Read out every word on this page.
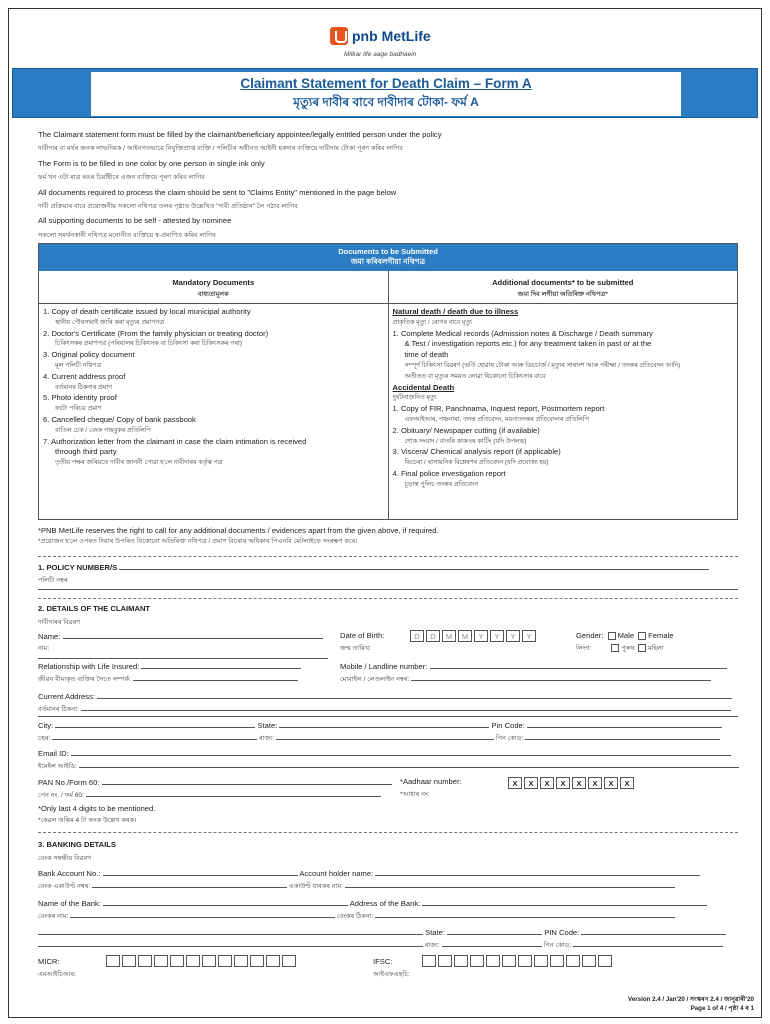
pnb MetLife
Milkar life aage badhaein
Claimant Statement for Death Claim – Form A
মৃত্যুৰ দাবীৰ বাবে দাবীদাৰ টোকা- ফৰ্ম A
The Claimant statement form must be filled by the claimant/beneficiary appointee/legally entitled person under the policy
দাবীদাৰ বা মৰ্থৰ জনক লাভদিয়ক / আইনগতভাৱে নিযুক্তিপ্ৰাপ্ত ব্যক্তি / পলিচীৰ অধীনত আইনী হকদাৰ ব্যক্তিয়ে দাবীদাৰ টোকা পূৰণ কৰিব লাগিব
The Form is to be filled in one color by one person in single ink only
ফৰ্ম খন এটা মাত্ৰ ৰঙৰ চিয়াঁহীৰে এজন ব্যক্তিয়ে পূৰণ কৰিব লাগিব
All documents required to process the claim should be sent to "Claims Entity" mentioned in the page below
দাবী প্ৰক্ৰিয়াৰ বাবে প্ৰয়োজনীয় সকলো নথিপত্ৰ তলৰ পৃষ্ঠাত উল্লেখিত "দাবী প্ৰতিষ্ঠান" লৈ পঠাব লাগিব
All supporting documents to be self - attested by nominee
সকলো সমৰ্থনকাৰী নথিপত্ৰ মনোনীত ব্যক্তিয়ে স্ব-প্ৰমাণিত কৰিব লাগিব
Documents to be Submitted
জমা কৰিবলগীয়া নথিপত্ৰ
Mandatory Documents
বাধ্যতামূলক
Additional documents* to be submitted
জমা দিব লগীয়া অতিৰিক্ত নথিপত্ৰ*
1. Copy of death certificate issued by local municipal authority
স্থানীয় পৌৰসভাই জাৰি কৰা মৃত্যুৰ প্ৰমাণপত্ৰ
2. Doctor's Certificate (From the family physician or treating doctor)
চিকিৎসকৰ প্ৰমাণপত্ৰ (পৰিয়ালৰ চিকিৎসক বা চিকিৎসা কৰা চিকিৎসকৰ পৰা)
3. Original policy document
মূল পলিচী নথিপত্ৰ
4. Current address proof
বৰ্তমানৰ ঠিকনাৰ প্ৰমাণ
5. Photo identity proof
ফটো পৰিচয় প্ৰমাণ
6. Cancelled cheque/ Copy of bank passbook
বাতিল চেক / বেংক পাছবুকৰ প্ৰতিলিপি
7. Authorization letter from the claimant in case the claim intimation is received
through third party
তৃতীয় পক্ষৰ জৰিয়তে দাবীৰ জাননী পোৱা হ'লে দাবীদাৰৰ কৰ্তৃত্ব পত্ৰ
Natural death / death due to illness
প্ৰাকৃতিক মৃত্যু / ৰোগৰ বাবে মৃত্যু
1. Complete Medical records (Admission notes & Discharge / Death summary
& Test / investigation reports etc.) for any treatment taken in past or at the
time of death
সম্পূৰ্ণ চিকিৎসা বিৱৰণ (ভৰ্তি হোৱাৰ টোকা আৰু ডিচচাৰ্জ / মৃত্যুৰ সাৰাংশ আৰু পৰীক্ষা / তদন্তৰ প্ৰতিবেদন আদি)
অতীতত বা মৃত্যুৰ সময়ত লোৱা যিকোনো চিকিৎসাৰ বাবে
Accidental Death
দুৰ্ঘটনাজনিত মৃত্যু
1. Copy of FIR, Panchnama, Inquest report, Postmortem report
এফআইআৰ, পঞ্চনামা, তদন্ত প্ৰতিবেদন, ময়নাতদন্তৰ প্ৰতিবেদনৰ প্ৰতিলিপি
2. Obituary/ Newspaper cutting (if available)
শোক সংবাদ / বাতৰি কাকতৰ কাটিং (যদি উপলব্ধ)
3. Viscera/ Chemical analysis report (if applicable)
ভিচেৰা / ৰাসায়নিক বিশ্লেষণৰ প্ৰতিবেদন (যদি প্ৰযোজ্য হয়)
4. Final police investigation report
চূড়ান্ত পুলিচ তদন্তৰ প্ৰতিবেদন
*PNB MetLife reserves the right to call for any additional documents / evidences apart from the given above, if required.
*প্ৰয়োজন হ'লে ওপৰত দিয়াৰ উপৰিও যিকোনো অতিৰিক্ত নথিপত্ৰ / প্ৰমাণ বিচৰাৰ অধিকাৰ পিএনবি মেটলাইফে সংৰক্ষণ কৰে।
1. POLICY NUMBER/S
পলিচী নম্বৰ
2. DETAILS OF THE CLAIMANT
দাবীদাৰৰ বিৱৰণ
Name:
নাম:
Date of Birth:
জন্ম তাৰিখ:
D	D	M	M	Y	Y	Y	Y	Gender: Male Female
লিংগ:	পুৰুষ মহিলা
Relationship with Life Insured:
জীৱন বীমাকৃত ব্যক্তিৰ সৈতে সম্পৰ্ক:
Mobile / Landline number:
মোবাইল / লেণ্ডলাইন নম্বৰ:
Current Address:
বৰ্তমানৰ ঠিকনা:
City:	State:	Pin Code:
চহৰ:	ৰাজ্য:	পিন কোড:
Email ID:
ইমেইল আইডি:
PAN No./Form 60:
পেন নং. / ফৰ্ম 60:
*Aadhaar number:
*আধাৰ নং:
X	X	X	X	X	X	X	X
*Only last 4 digits to be mentioned.
*কেৱল অন্তিম 4 টা অংক উল্লেখ কৰক।
3. BANKING DETAILS
বেংক সম্বন্ধীয় বিৱৰণ
Bank Account No.:	Account holder name:
বেংক একাউণ্ট নম্বৰ:	একাউণ্ট ধাৰকৰ নাম:
Name of the Bank:	Address of the Bank:
বেংকৰ নাম:	বেংকৰ ঠিকনা:
State:	PIN Code:
ৰাজ্য:	পিন কোড:
MICR:
এমআইচিআৰ:
IFSC:
আইএফএছচি:
Version 2.4 / Jan'20 / সংস্কৰণ 2.4 / জানুৱাৰী'20
Page 1 of 4 / পৃষ্ঠা 4 ৰ 1
